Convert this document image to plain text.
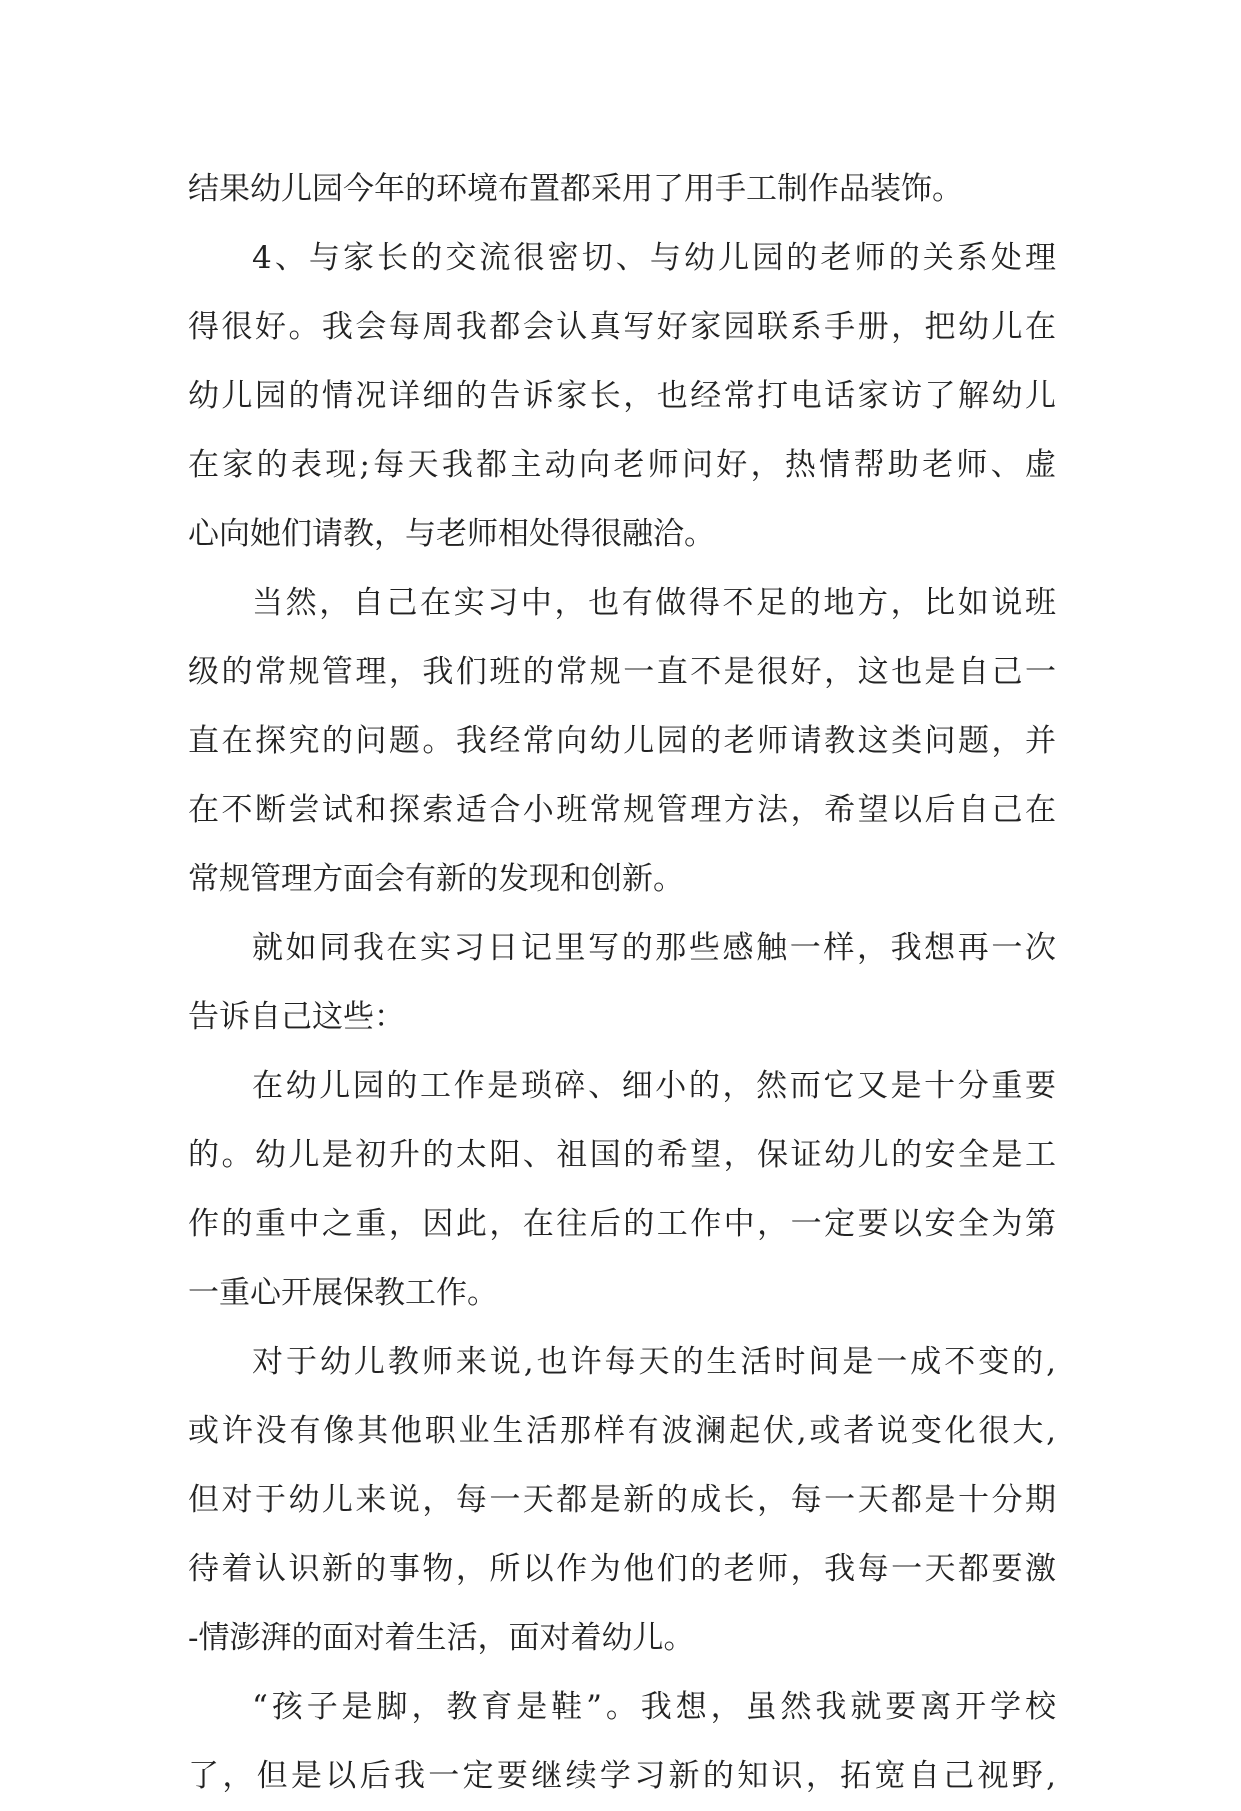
结果幼儿园今年的环境布置都采用了用手工制作品装饰。
4、与家长的交流很密切、与幼儿园的老师的关系处理
得很好。我会每周我都会认真写好家园联系手册，把幼儿在
幼儿园的情况详细的告诉家长，也经常打电话家访了解幼儿
在家的表现;每天我都主动向老师问好，热情帮助老师、虚
心向她们请教，与老师相处得很融洽。
当然，自己在实习中，也有做得不足的地方，比如说班
级的常规管理，我们班的常规一直不是很好，这也是自己一
直在探究的问题。我经常向幼儿园的老师请教这类问题，并
在不断尝试和探索适合小班常规管理方法，希望以后自己在
常规管理方面会有新的发现和创新。
就如同我在实习日记里写的那些感触一样，我想再一次
告诉自己这些：
在幼儿园的工作是琐碎、细小的，然而它又是十分重要
的。幼儿是初升的太阳、祖国的希望，保证幼儿的安全是工
作的重中之重，因此，在往后的工作中，一定要以安全为第
一重心开展保教工作。
对于幼儿教师来说,也许每天的生活时间是一成不变的,
或许没有像其他职业生活那样有波澜起伏,或者说变化很大,
但对于幼儿来说，每一天都是新的成长，每一天都是十分期
待着认识新的事物，所以作为他们的老师，我每一天都要激
-情澎湃的面对着生活，面对着幼儿。
“孩子是脚，教育是鞋”。我想，虽然我就要离开学校
了，但是以后我一定要继续学习新的知识，拓宽自己视野,
